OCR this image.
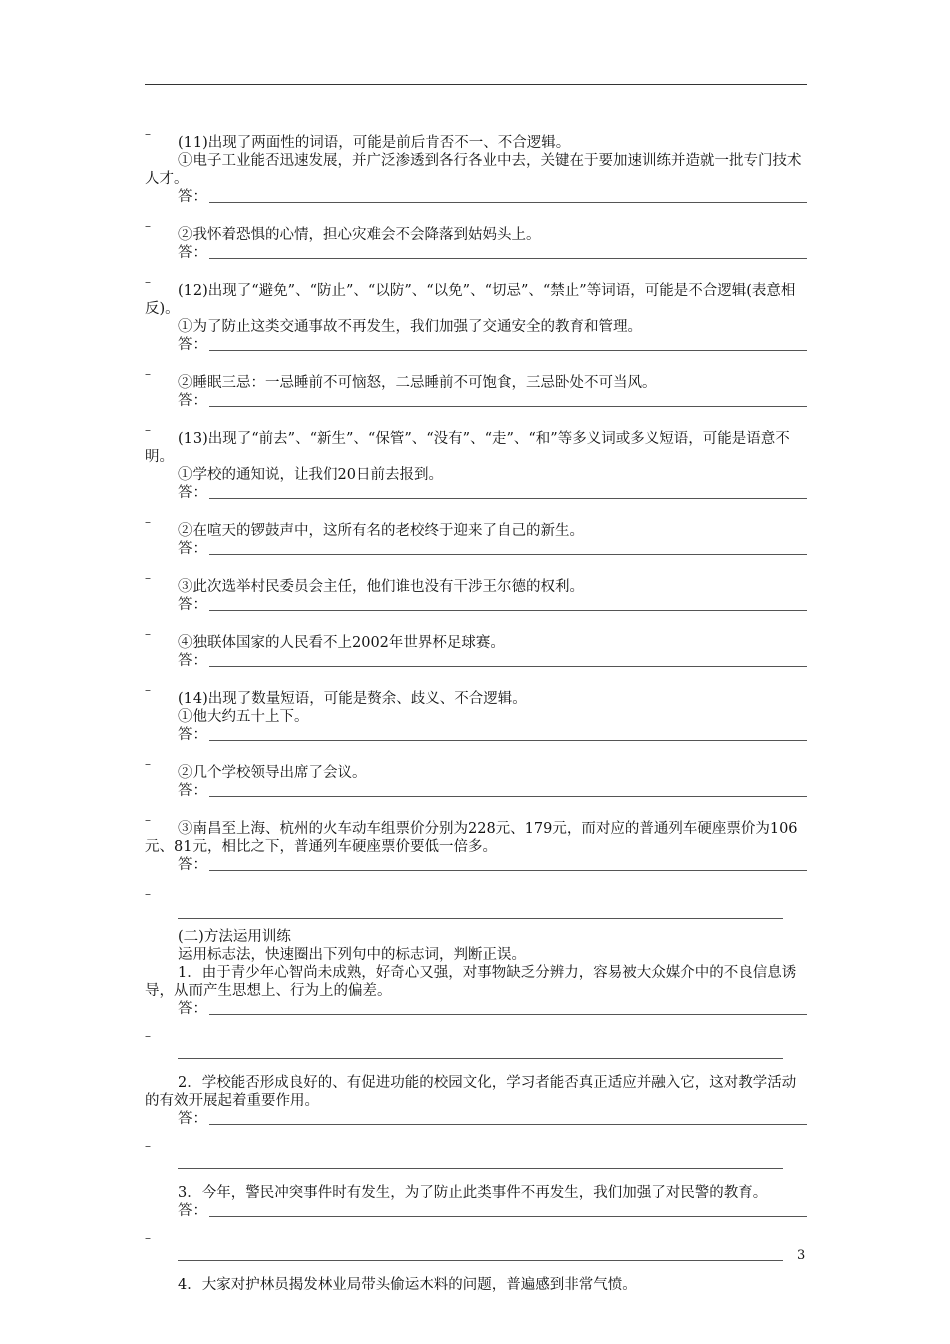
–

(11)出现了两面性的词语，可能是前后肯否不一、不合逻辑。

①电子工业能否迅速发展，并广泛渗透到各行各业中去，关键在于要加速训练并造就一批专门技术人才。

答：
–

②我怀着恐惧的心情，担心灾难会不会降落到姑妈头上。

答：
–

(12)出现了“避免”、“防止”、“以防”、“以免”、“切忌”、“禁止”等词语，可能是不合逻辑(表意相反)。

①为了防止这类交通事故不再发生，我们加强了交通安全的教育和管理。

答：
–

②睡眠三忌：一忌睡前不可恼怒，二忌睡前不可饱食，三忌卧处不可当风。

答：
–

(13)出现了“前去”、“新生”、“保管”、“没有”、“走”、“和”等多义词或多义短语，可能是语意不明。

①学校的通知说，让我们20日前去报到。

答：
–

②在喧天的锣鼓声中，这所有名的老校终于迎来了自己的新生。

答：
–

③此次选举村民委员会主任，他们谁也没有干涉王尔德的权利。

答：
–

④独联体国家的人民看不上2002年世界杯足球赛。

答：
–

(14)出现了数量短语，可能是赘余、歧义、不合逻辑。

①他大约五十上下。

答：
–

②几个学校领导出席了会议。

答：
–

③南昌至上海、杭州的火车动车组票价分别为228元、179元，而对应的普通列车硬座票价为106元、81元，相比之下，普通列车硬座票价要低一倍多。

答：
–

(二)方法运用训练

运用标志法，快速圈出下列句中的标志词，判断正误。

1．由于青少年心智尚未成熟，好奇心又强，对事物缺乏分辨力，容易被大众媒介中的不良信息诱导，从而产生思想上、行为上的偏差。

答：
–

2．学校能否形成良好的、有促进功能的校园文化，学习者能否真正适应并融入它，这对教学活动的有效开展起着重要作用。

答：
–

3．今年，警民冲突事件时有发生，为了防止此类事件不再发生，我们加强了对民警的教育。

答：
–

4．大家对护林员揭发林业局带头偷运木料的问题，普遍感到非常气愤。

3
